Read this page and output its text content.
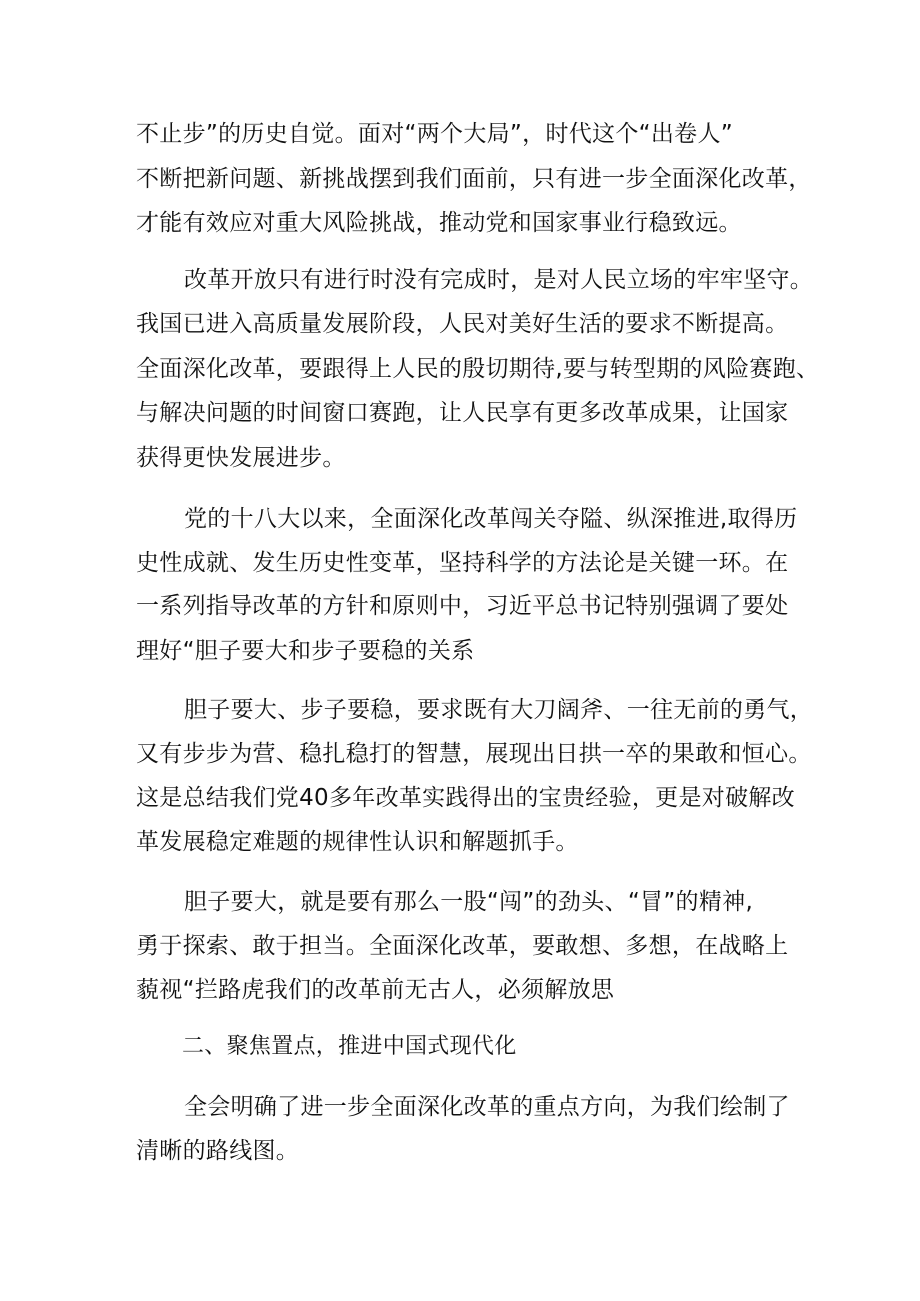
不止步”的历史自觉。面对“两个大局”，时代这个“出卷人”
不断把新问题、新挑战摆到我们面前，只有进一步全面深化改革，
才能有效应对重大风险挑战，推动党和国家事业行稳致远。
改革开放只有进行时没有完成时，是对人民立场的牢牢坚守。
我国已进入高质量发展阶段，人民对美好生活的要求不断提高。
全面深化改革，要跟得上人民的殷切期待,要与转型期的风险赛跑、
与解决问题的时间窗口赛跑，让人民享有更多改革成果，让国家
获得更快发展进步。
党的十八大以来，全面深化改革闯关夺隘、纵深推进,取得历
史性成就、发生历史性变革，坚持科学的方法论是关键一环。在
一系列指导改革的方针和原则中，习近平总书记特别强调了要处
理好“胆子要大和步子要稳的关系
胆子要大、步子要稳，要求既有大刀阔斧、一往无前的勇气，
又有步步为营、稳扎稳打的智慧，展现出日拱一卒的果敢和恒心。
这是总结我们党40多年改革实践得出的宝贵经验，更是对破解改
革发展稳定难题的规律性认识和解题抓手。
胆子要大，就是要有那么一股“闯”的劲头、“冒”的精神,
勇于探索、敢于担当。全面深化改革，要敢想、多想，在战略上
藐视“拦路虎我们的改革前无古人，必须解放思
二、聚焦置点，推进中国式现代化
全会明确了进一步全面深化改革的重点方向，为我们绘制了
清晰的路线图。
